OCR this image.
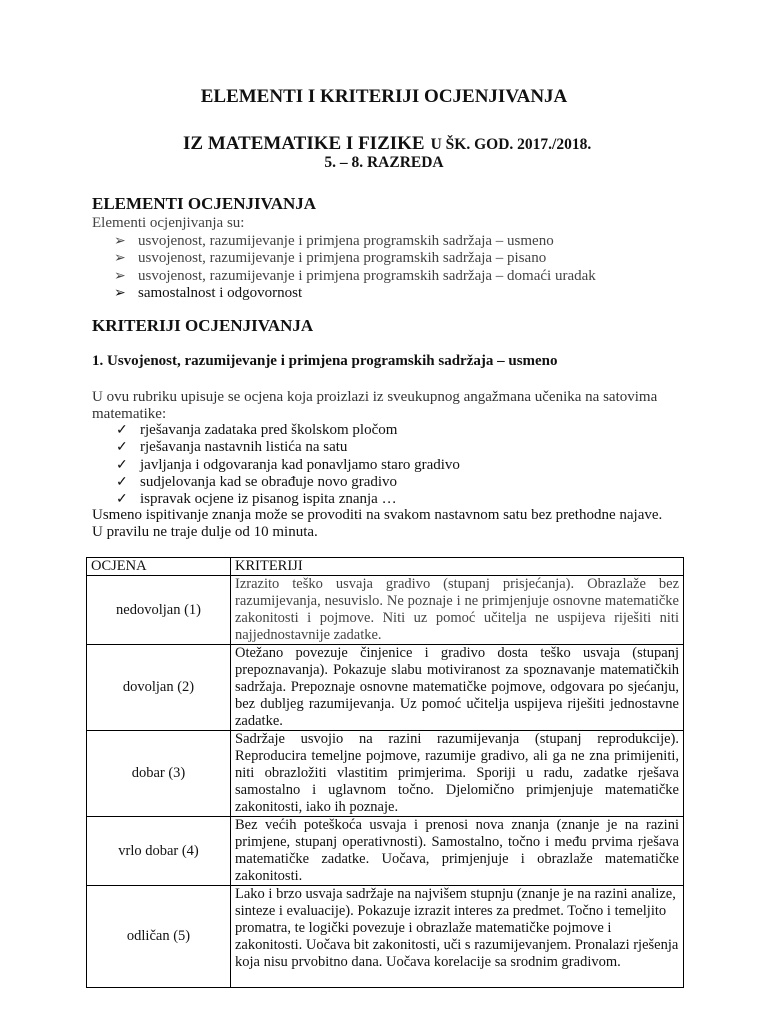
ELEMENTI I KRITERIJI OCJENJIVANJA
IZ MATEMATIKE I FIZIKE U ŠK. GOD. 2017./2018.
5. – 8. RAZREDA
ELEMENTI OCJENJIVANJA
Elementi ocjenjivanja su:
➢ usvojenost, razumijevanje i primjena programskih sadržaja – usmeno
➢ usvojenost, razumijevanje i primjena programskih sadržaja – pisano
➢ usvojenost, razumijevanje i primjena programskih sadržaja – domaći uradak
➢ samostalnost i odgovornost
KRITERIJI OCJENJIVANJA
1. Usvojenost, razumijevanje i primjena programskih sadržaja – usmeno
U ovu rubriku upisuje se ocjena koja proizlazi iz sveukupnog angažmana učenika na satovima matematike:
✓ rješavanja zadataka pred školskom pločom
✓ rješavanja nastavnih listića na satu
✓ javljanja i odgovaranja kad ponavljamo staro gradivo
✓ sudjelovanja kad se obrađuje novo gradivo
✓ ispravak ocjene iz pisanog ispita znanja …
Usmeno ispitivanje znanja može se provoditi na svakom nastavnom satu bez prethodne najave. U pravilu ne traje dulje od 10 minuta.
OCJENA	KRITERIJI
nedovoljan (1)	Izrazito teško usvaja gradivo (stupanj prisjećanja). Obrazlaže bez razumijevanja, nesuvislo. Ne poznaje i ne primjenjuje osnovne matematičke zakonitosti i pojmove. Niti uz pomoć učitelja ne uspijeva riješiti niti najjednostavnije zadatke.
dovoljan (2)	Otežano povezuje činjenice i gradivo dosta teško usvaja (stupanj prepoznavanja). Pokazuje slabu motiviranost za spoznavanje matematičkih sadržaja. Prepoznaje osnovne matematičke pojmove, odgovara po sjećanju, bez dubljeg razumijevanja. Uz pomoć učitelja uspijeva riješiti jednostavne zadatke.
dobar (3)	Sadržaje usvojio na razini razumijevanja (stupanj reprodukcije). Reproducira temeljne pojmove, razumije gradivo, ali ga ne zna primijeniti, niti obrazložiti vlastitim primjerima. Sporiji u radu, zadatke rješava samostalno i uglavnom točno. Djelomično primjenjuje matematičke zakonitosti, iako ih poznaje.
vrlo dobar (4)	Bez većih poteškoća usvaja i prenosi nova znanja (znanje je na razini primjene, stupanj operativnosti). Samostalno, točno i među prvima rješava matematičke zadatke. Uočava, primjenjuje i obrazlaže matematičke zakonitosti.
odličan (5)	Lako i brzo usvaja sadržaje na najvišem stupnju (znanje je na razini analize, sinteze i evaluacije). Pokazuje izrazit interes za predmet. Točno i temeljito promatra, te logički povezuje i obrazlaže matematičke pojmove i zakonitosti. Uočava bit zakonitosti, uči s razumijevanjem. Pronalazi rješenja koja nisu prvobitno dana. Uočava korelacije sa srodnim gradivom.
